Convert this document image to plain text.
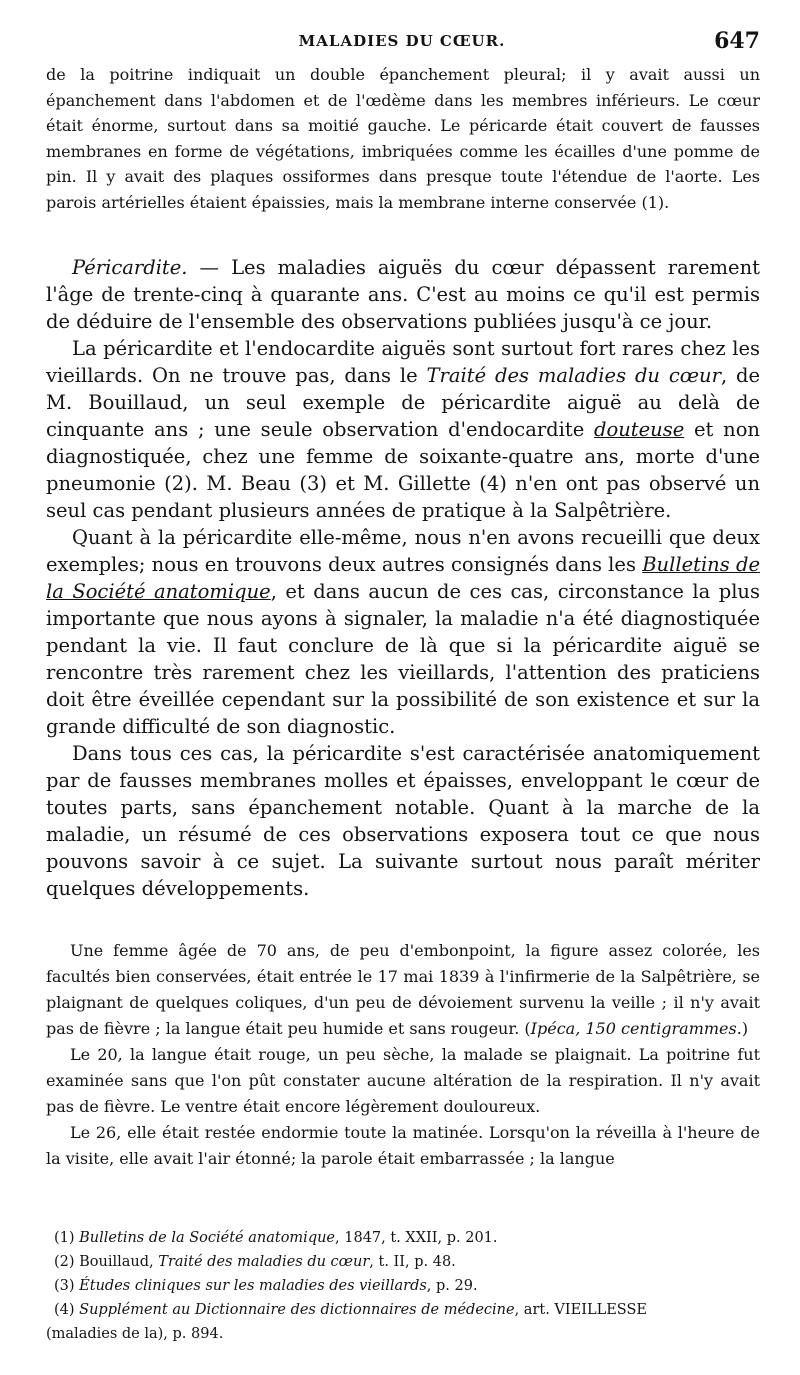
MALADIES DU CŒUR.	647

de la poitrine indiquait un double épanchement pleural; il y avait aussi un épanchement dans l'abdomen et de l'œdème dans les membres inférieurs. Le cœur était énorme, surtout dans sa moitié gauche. Le péricarde était couvert de fausses membranes en forme de végétations, imbriquées comme les écailles d'une pomme de pin. Il y avait des plaques ossiformes dans presque toute l'étendue de l'aorte. Les parois artérielles étaient épaissies, mais la membrane interne conservée (1).

Péricardite. — Les maladies aiguës du cœur dépassent rarement l'âge de trente-cinq à quarante ans. C'est au moins ce qu'il est permis de déduire de l'ensemble des observations publiées jusqu'à ce jour.

La péricardite et l'endocardite aiguës sont surtout fort rares chez les vieillards. On ne trouve pas, dans le Traité des maladies du cœur, de M. Bouillaud, un seul exemple de péricardite aiguë au delà de cinquante ans ; une seule observation d'endocardite douteuse et non diagnostiquée, chez une femme de soixante-quatre ans, morte d'une pneumonie (2). M. Beau (3) et M. Gillette (4) n'en ont pas observé un seul cas pendant plusieurs années de pratique à la Salpêtrière.

Quant à la péricardite elle-même, nous n'en avons recueilli que deux exemples; nous en trouvons deux autres consignés dans les Bulletins de la Société anatomique, et dans aucun de ces cas, circonstance la plus importante que nous ayons à signaler, la maladie n'a été diagnostiquée pendant la vie. Il faut conclure de là que si la péricardite aiguë se rencontre très rarement chez les vieillards, l'attention des praticiens doit être éveillée cependant sur la possibilité de son existence et sur la grande difficulté de son diagnostic.

Dans tous ces cas, la péricardite s'est caractérisée anatomiquement par de fausses membranes molles et épaisses, enveloppant le cœur de toutes parts, sans épanchement notable. Quant à la marche de la maladie, un résumé de ces observations exposera tout ce que nous pouvons savoir à ce sujet. La suivante surtout nous paraît mériter quelques développements.

Une femme âgée de 70 ans, de peu d'embonpoint, la figure assez colorée, les facultés bien conservées, était entrée le 17 mai 1839 à l'infirmerie de la Salpêtrière, se plaignant de quelques coliques, d'un peu de dévoiement survenu la veille ; il n'y avait pas de fièvre ; la langue était peu humide et sans rougeur. (Ipéca, 150 centigrammes.)

Le 20, la langue était rouge, un peu sèche, la malade se plaignait. La poitrine fut examinée sans que l'on pût constater aucune altération de la respiration. Il n'y avait pas de fièvre. Le ventre était encore légèrement douloureux.

Le 26, elle était restée endormie toute la matinée. Lorsqu'on la réveilla à l'heure de la visite, elle avait l'air étonné; la parole était embarrassée ; la langue

(1) Bulletins de la Société anatomique, 1847, t. XXII, p. 201.

(2) Bouillaud, Traité des maladies du cœur, t. II, p. 48.

(3) Études cliniques sur les maladies des vieillards, p. 29.

(4) Supplément au Dictionnaire des dictionnaires de médecine, art. VIEILLESSE

(maladies de la), p. 894.
